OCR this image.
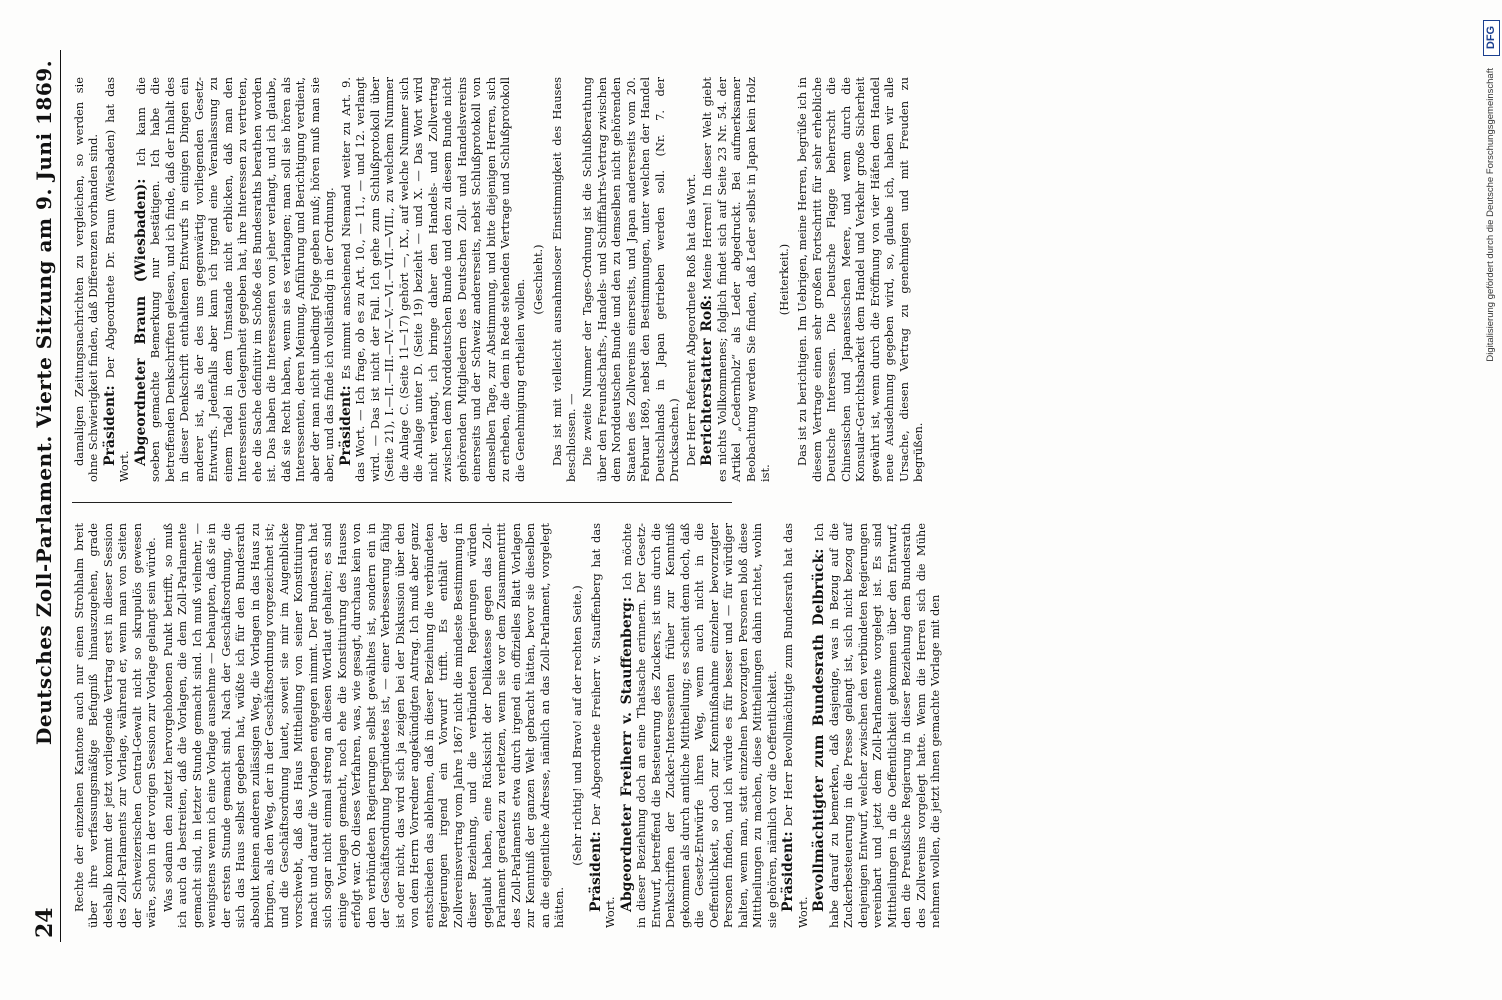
24
Deutsches Zoll-Parlament. Vierte Sitzung am 9. Juni 1869. Rechte der einzelnen Kantone auch nur einen Strohhalm breit über ihre verfassungsmäßige Befugniß hinauszugehen, grade deshalb kommt der jetzt vorliegende Vertrag erst in dieser Session des Zoll-Parlaments zur Vorlage, während er, wenn man von Seiten der Schweizerischen Central-Gewalt nicht so skrupulös gewesen wäre, schon in der vorigen Session zur Vorlage gelangt sein würde. Was sodann den zuletzt hervorgehobenen Punkt betrifft, so muß ich auch da bestreiten, daß die Vorlagen, die dem Zoll-Parlamente gemacht sind, in letzter Stunde gemacht sind. Ich muß vielmehr, — wenigstens wenn ich eine Vorlage ausnehme — behaupten, daß sie in der ersten Stunde gemacht sind. Nach der Geschäftsordnung, die sich das Haus selbst gegeben hat, wüßte ich für den Bundesrath absolut keinen anderen zulässigen Weg, die Vorlagen in das Haus zu bringen, als den Weg, der in der Geschäftsordnung vorgezeichnet ist; und die Geschäftsordnung lautet, soweit sie mir im Augenblicke vorschwebt, daß das Haus Mittheilung von seiner Konstituirung macht und darauf die Vorlagen entgegen nimmt. Der Bundesrath hat sich sogar nicht einmal streng an diesen Wortlaut gehalten; es sind einige Vorlagen gemacht, noch ehe die Konstituirung des Hauses erfolgt war. Ob dieses Verfahren, was, wie gesagt, durchaus kein von den verbündeten Regierungen selbst gewähltes ist, sondern ein in der Geschäftsordnung begründetes ist, — einer Verbesserung fähig ist oder nicht, das wird sich ja zeigen bei der Diskussion über den von dem Herrn Vorredner angekündigten Antrag. Ich muß aber ganz entschieden das ablehnen, daß in dieser Beziehung die verbündeten Regierungen irgend ein Vorwurf trifft. Es enthält der Zollvereinsvertrag vom Jahre 1867 nicht die mindeste Bestimmung in dieser Beziehung, und die verbündeten Regierungen würden geglaubt haben, eine Rücksicht der Delikatesse gegen das Zoll-Parlament geradezu zu verletzen, wenn sie vor dem Zusammentritt des Zoll-Parlaments etwa durch irgend ein offizielles Blatt Vorlagen zur Kenntniß der ganzen Welt gebracht hätten, bevor sie dieselben an die eigentliche Adresse, nämlich an das Zoll-Parlament, vorgelegt hätten.

(Sehr richtig! und Bravo! auf der rechten Seite.)

Präsident: Der Abgeordnete Freiherr v. Stauffenberg hat das Wort.

Abgeordneter Freiherr v. Stauffenberg: Ich möchte in dieser Beziehung doch an eine Thatsache erinnern. Der Gesetz-Entwurf, betreffend die Besteuerung des Zuckers, ist uns durch die Denkschriften der Zucker-Interessenten früher zur Kenntniß gekommen als durch amtliche Mittheilung; es scheint denn doch, daß die Gesetz-Entwürfe ihren Weg, wenn auch nicht in die Oeffentlichkeit, so doch zur Kenntnißnahme einzelner bevorzugter Personen finden, und ich würde es für besser und — für würdiger halten, wenn man, statt einzelnen bevorzugten Personen bloß diese Mittheilungen zu machen, diese Mittheilungen dahin richtet, wohin sie gehören, nämlich vor die Oeffentlichkeit. Präsident: Der Herr Bevollmächtigte zum Bundesrath hat das Wort.

Bevollmächtigter zum Bundesrath Delbrück: Ich habe darauf zu bemerken, daß dasjenige, was in Bezug auf die Zuckerbesteuerung in die Presse gelangt ist, sich nicht bezog auf denjenigen Entwurf, welcher zwischen den verbündeten Regierungen vereinbart und jetzt dem Zoll-Parlamente vorgelegt ist. Es sind Mittheilungen in die Oeffentlichkeit gekommen über den Entwurf, den die Preußische Regierung in dieser Beziehung dem Bundesrath des Zollvereins vorgelegt hatte. Wenn die Herren sich die Mühe nehmen wollen, die jetzt ihnen gemachte Vorlage mit den

damaligen Zeitungsnachrichten zu vergleichen, so werden sie ohne Schwierigkeit finden, daß Differenzen vorhanden sind. Präsident: Der Abgeordnete Dr. Braun (Wiesbaden) hat das Wort.

Abgeordneter Braun (Wiesbaden): Ich kann die soeben gemachte Bemerkung nur bestätigen. Ich habe die betreffenden Denkschriften gelesen, und ich finde, daß der Inhalt des in dieser Denkschrift enthaltenen Entwurfs in einigen Dingen ein anderer ist, als der des uns gegenwärtig vorliegenden Gesetz-Entwurfs. Jedenfalls aber kann ich irgend eine Veranlassung zu einem Tadel in dem Umstande nicht erblicken, daß man den Interessenten Gelegenheit gegeben hat, ihre Interessen zu vertreten, ehe die Sache definitiv im Schoße des Bundesraths berathen worden ist. Das haben die Interessenten von jeher verlangt, und ich glaube, daß sie Recht haben, wenn sie es verlangen; man soll sie hören als Interessenten, deren Meinung, Anführung und Berichtigung verdient, aber der man nicht unbedingt Folge geben muß; hören muß man sie aber, und das finde ich vollständig in der Ordnung. Präsident: Es nimmt anscheinend Niemand weiter zu Art. 9. das Wort. — Ich frage, ob es zu Art. 10., — 11., — und 12. verlangt wird. — Das ist nicht der Fall. Ich gehe zum Schlußprotokoll über (Seite 21), I.—II.—III.—IV.—V.—VI.—VII.—VIII., zu welchem Nummer die Anlage C. (Seite 11—17) gehört —, IX., auf welche Nummer sich die Anlage unter D. (Seite 19) bezieht — und X. — Das Wort wird nicht verlangt, ich bringe daher den Handels- und Zollvertrag zwischen dem Norddeutschen Bunde und den zu diesem Bunde nicht gehörenden Mitgliedern des Deutschen Zoll- und Handelsvereins einerseits und der Schweiz andererseits, nebst Schlußprotokoll von demselben Tage, zur Abstimmung, und bitte diejenigen Herren, sich zu erheben, die dem in Rede stehenden Vertrage und Schlußprotokoll die Genehmigung ertheilen wollen. (Geschieht.) Das ist mit vielleicht ausnahmsloser Einstimmigkeit des Hauses beschlossen. — Die zweite Nummer der Tages-Ordnung ist die Schlußberathung über den Freundschafts-, Handels- und Schifffahrts-Vertrag zwischen dem Norddeutschen Bunde und den zu demselben nicht gehörenden Staaten des Zollvereins einerseits, und Japan andererseits vom 20. Februar 1869, nebst den Bestimmungen, unter welchen der Handel Deutschlands in Japan getrieben werden soll. (Nr. 7. der Drucksachen.) Der Herr Referent Abgeordnete Roß hat das Wort. Berichterstatter Roß: Meine Herren! In dieser Welt giebt es nichts Vollkommenes; folglich findet sich auf Seite 23 Nr. 54. der Artikel „Cedernholz“ als Leder abgedruckt. Bei aufmerksamer Beobachtung werden Sie finden, daß Leder selbst in Japan kein Holz ist.

(Heiterkeit.) Das ist zu berichtigen. Im Uebrigen, meine Herren, begrüße ich in diesem Vertrage einen sehr großen Fortschritt für sehr erhebliche Deutsche Interessen. Die Deutsche Flagge beherrscht die Chinesischen und Japanesischen Meere, und wenn durch die Konsular-Gerichtsbarkeit dem Handel und Verkehr große Sicherheit gewährt ist, wenn durch die Eröffnung von vier Häfen dem Handel neue Ausdehnung gegeben wird, so, glaube ich, haben wir alle Ursache, diesen Vertrag zu genehmigen und mit Freuden zu begrüßen.

Digitalisierung gefördert durch die Deutsche Forschungsgemeinschaft
DFG
